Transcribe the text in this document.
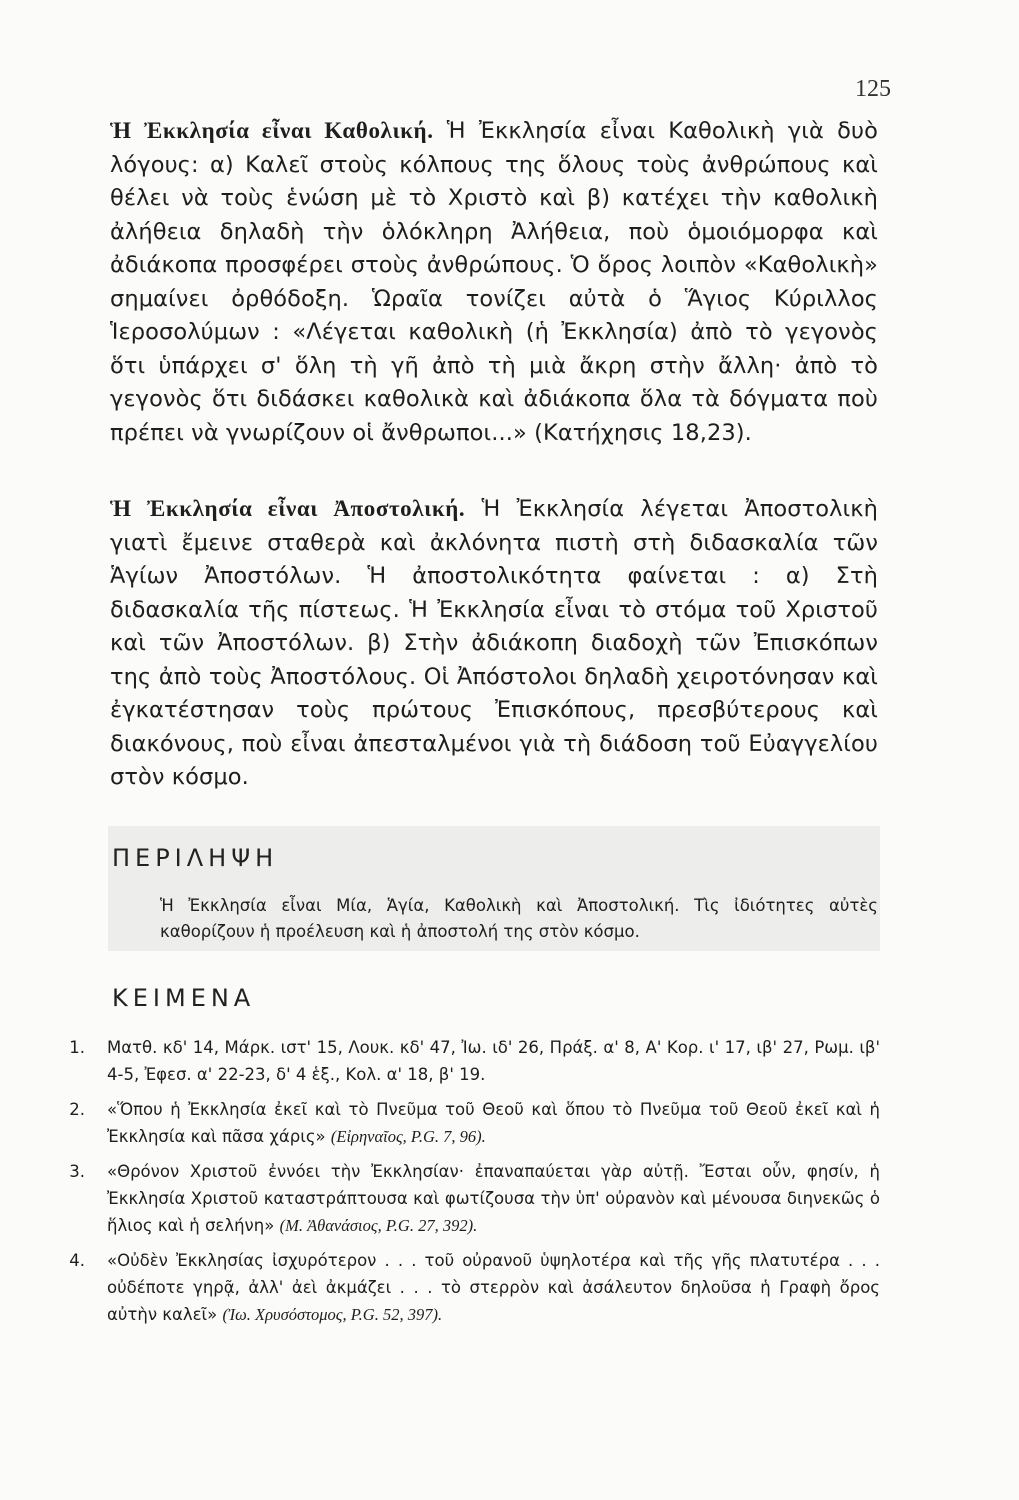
125
Ἡ Ἐκκλησία εἶναι Καθολική. Ἡ Ἐκκλησία εἶναι Καθολικὴ γιὰ δυὸ λόγους: α) Καλεῖ στοὺς κόλπους της ὅλους τοὺς ἀνθρώπους καὶ θέλει νὰ τοὺς ἑνώση μὲ τὸ Χριστὸ καὶ β) κατέχει τὴν καθολικὴ ἀλήθεια δηλαδὴ τὴν ὁλόκληρη Ἀλήθεια, ποὺ ὁμοιόμορφα καὶ ἀδιάκοπα προσφέρει στοὺς ἀνθρώπους. Ὁ ὅρος λοιπὸν «Καθολικὴ» σημαίνει ὀρθόδοξη. Ὡραῖα τονίζει αὐτὰ ὁ Ἅγιος Κύριλλος Ἱεροσολύμων : «Λέγεται καθολικὴ (ἡ Ἐκκλησία) ἀπὸ τὸ γεγονὸς ὅτι ὑπάρχει σ' ὅλη τὴ γῆ ἀπὸ τὴ μιὰ ἄκρη στὴν ἄλλη· ἀπὸ τὸ γεγονὸς ὅτι διδάσκει καθολικὰ καὶ ἀδιάκοπα ὅλα τὰ δόγματα ποὺ πρέπει νὰ γνωρίζουν οἱ ἄνθρωποι...» (Κατήχησις 18,23).
Ἡ Ἐκκλησία εἶναι Ἀποστολική. Ἡ Ἐκκλησία λέγεται Ἀποστολικὴ γιατὶ ἔμεινε σταθερὰ καὶ ἀκλόνητα πιστὴ στὴ διδασκαλία τῶν Ἁγίων Ἀποστόλων. Ἡ ἀποστολικότητα φαίνεται : α) Στὴ διδασκαλία τῆς πίστεως. Ἡ Ἐκκλησία εἶναι τὸ στόμα τοῦ Χριστοῦ καὶ τῶν Ἀποστόλων. β) Στὴν ἀδιάκοπη διαδοχὴ τῶν Ἐπισκόπων της ἀπὸ τοὺς Ἀποστόλους. Οἱ Ἀπόστολοι δηλαδὴ χειροτόνησαν καὶ ἐγκατέστησαν τοὺς πρώτους Ἐπισκόπους, πρεσβύτερους καὶ διακόνους, ποὺ εἶναι ἀπεσταλμένοι γιὰ τὴ διάδοση τοῦ Εὐαγγελίου στὸν κόσμο.
ΠΕΡΙΛΗΨΗ
Ἡ Ἐκκλησία εἶναι Μία, Ἁγία, Καθολικὴ καὶ Ἀποστολική. Τὶς ἰδιότητες αὐτὲς καθορίζουν ἡ προέλευση καὶ ἡ ἀποστολή της στὸν κόσμο.
ΚΕΙΜΕΝΑ
1. Ματθ. κδ' 14, Μάρκ. ιστ' 15, Λουκ. κδ' 47, Ἰω. ιδ' 26, Πράξ. α' 8, Α' Κορ. ι' 17, ιβ' 27, Ρωμ. ιβ' 4-5, Ἐφεσ. α' 22-23, δ' 4 ἑξ., Κολ. α' 18, β' 19.
2. «Ὅπου ἡ Ἐκκλησία ἐκεῖ καὶ τὸ Πνεῦμα τοῦ Θεοῦ καὶ ὅπου τὸ Πνεῦμα τοῦ Θεοῦ ἐκεῖ καὶ ἡ Ἐκκλησία καὶ πᾶσα χάρις» (Εἰρηναῖος, P.G. 7, 96).
3. «Θρόνον Χριστοῦ ἐννόει τὴν Ἐκκλησίαν· ἐπαναπαύεται γὰρ αὐτῇ. Ἔσται οὖν, φησίν, ἡ Ἐκκλησία Χριστοῦ καταστράπτουσα καὶ φωτίζουσα τὴν ὑπ' οὐρανὸν καὶ μένουσα διηνεκῶς ὁ ἥλιος καὶ ἡ σελήνη» (Μ. Ἀθανάσιος, P.G. 27, 392).
4. «Οὐδὲν Ἐκκλησίας ἰσχυρότερον . . . τοῦ οὐρανοῦ ὑψηλοτέρα καὶ τῆς γῆς πλατυτέρα . . . οὐδέποτε γηρᾷ, ἀλλ' ἀεὶ ἀκμάζει . . . τὸ στερρὸν καὶ ἀσάλευτον δηλοῦσα ἡ Γραφὴ ὄρος αὐτὴν καλεῖ» (Ἰω. Χρυσόστομος, P.G. 52, 397).
